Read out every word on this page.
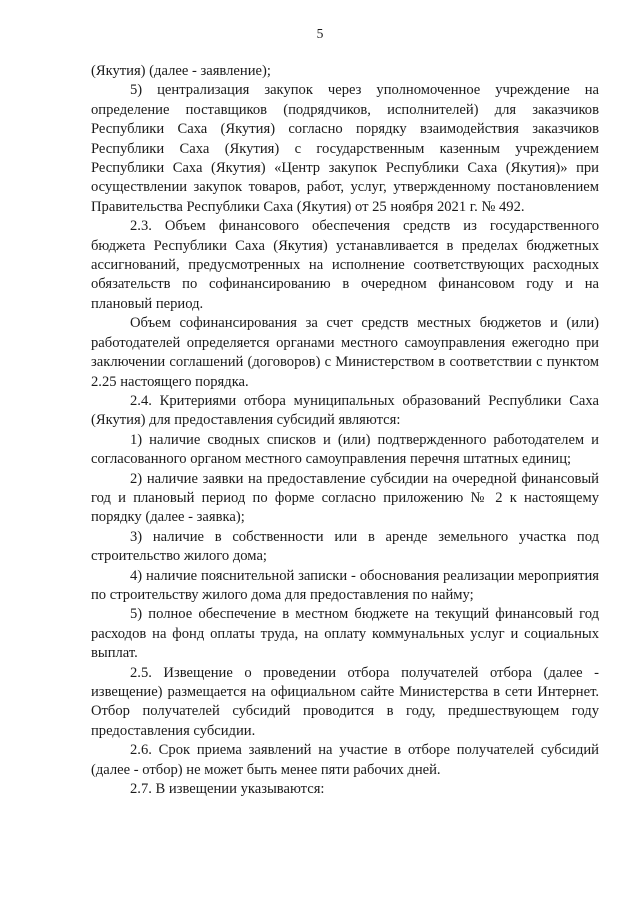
5

(Якутия) (далее - заявление);

5) централизация закупок через уполномоченное учреждение на определение поставщиков (подрядчиков, исполнителей) для заказчиков Республики Саха (Якутия) согласно порядку взаимодействия заказчиков Республики Саха (Якутия) с государственным казенным учреждением Республики Саха (Якутия) «Центр закупок Республики Саха (Якутия)» при осуществлении закупок товаров, работ, услуг, утвержденному постановлением Правительства Республики Саха (Якутия) от 25 ноября 2021 г. № 492.

2.3. Объем финансового обеспечения средств из государственного бюджета Республики Саха (Якутия) устанавливается в пределах бюджетных ассигнований, предусмотренных на исполнение соответствующих расходных обязательств по софинансированию в очередном финансовом году и на плановый период.

Объем софинансирования за счет средств местных бюджетов и (или) работодателей определяется органами местного самоуправления ежегодно при заключении соглашений (договоров) с Министерством в соответствии с пунктом 2.25 настоящего порядка.

2.4. Критериями отбора муниципальных образований Республики Саха (Якутия) для предоставления субсидий являются:

1) наличие сводных списков и (или) подтвержденного работодателем и согласованного органом местного самоуправления перечня штатных единиц;

2) наличие заявки на предоставление субсидии на очередной финансовый год и плановый период по форме согласно приложению № 2 к настоящему порядку (далее - заявка);

3) наличие в собственности или в аренде земельного участка под строительство жилого дома;

4) наличие пояснительной записки - обоснования реализации мероприятия по строительству жилого дома для предоставления по найму;

5) полное обеспечение в местном бюджете на текущий финансовый год расходов на фонд оплаты труда, на оплату коммунальных услуг и социальных выплат.

2.5. Извещение о проведении отбора получателей отбора (далее - извещение) размещается на официальном сайте Министерства в сети Интернет. Отбор получателей субсидий проводится в году, предшествующем году предоставления субсидии.

2.6. Срок приема заявлений на участие в отборе получателей субсидий (далее - отбор) не может быть менее пяти рабочих дней.

2.7. В извещении указываются:
